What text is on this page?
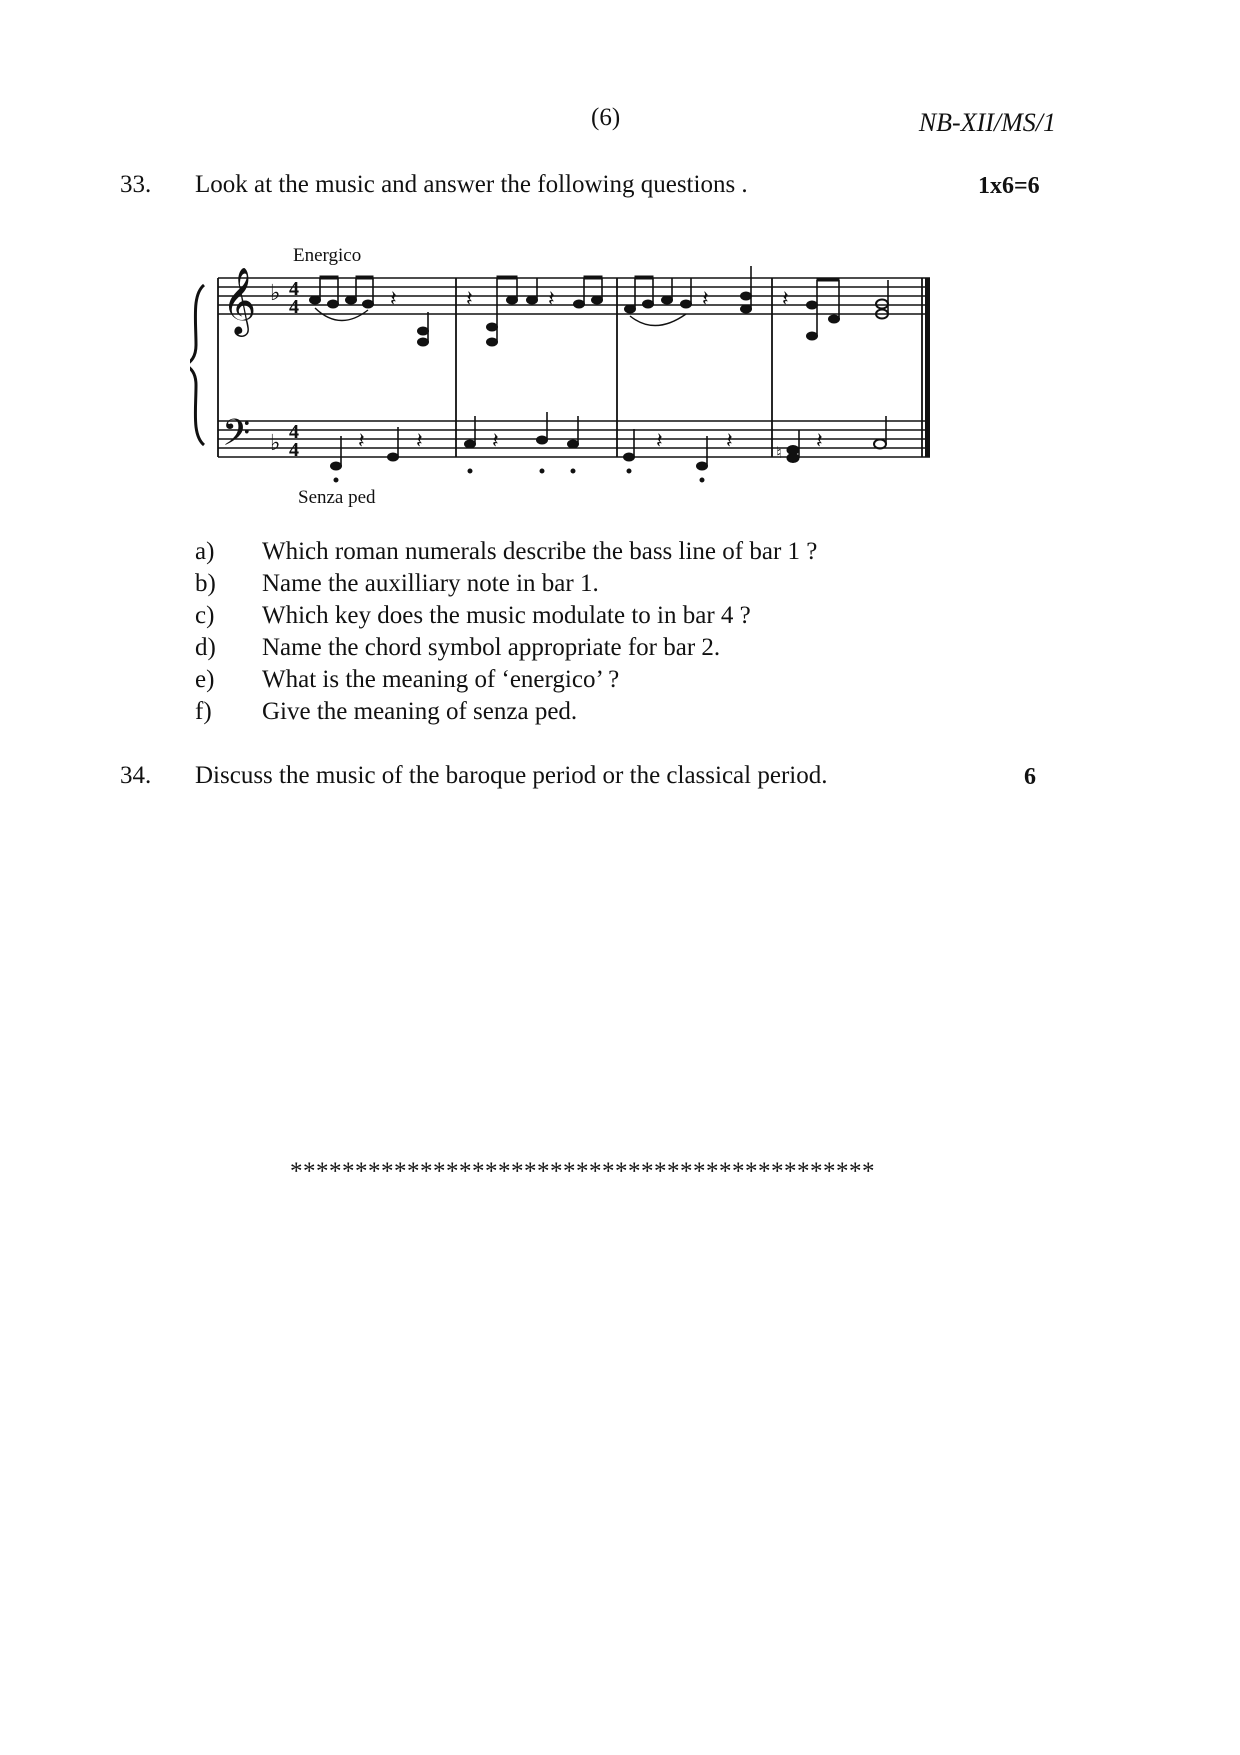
(6)	NB-XII/MS/1
33. Look at the music and answer the following questions .	1x6=6
Energico
Senza ped
𝄞
𝄢
♭
♭
4
4
4
4
𝄽	𝄽	𝄽	𝄽	𝄽
𝄽 𝄽	𝄽	𝄽	𝄽	♮ 𝄽
a) Which roman numerals describe the bass line of bar 1 ?
b) Name the auxilliary note in bar 1.
c) Which key does the music modulate to in bar 4 ?
d) Name the chord symbol appropriate for bar 2.
e) What is the meaning of ‘energico’ ?
f) Give the meaning of senza ped.
34. Discuss the music of the baroque period or the classical period.	6
*********************************************
